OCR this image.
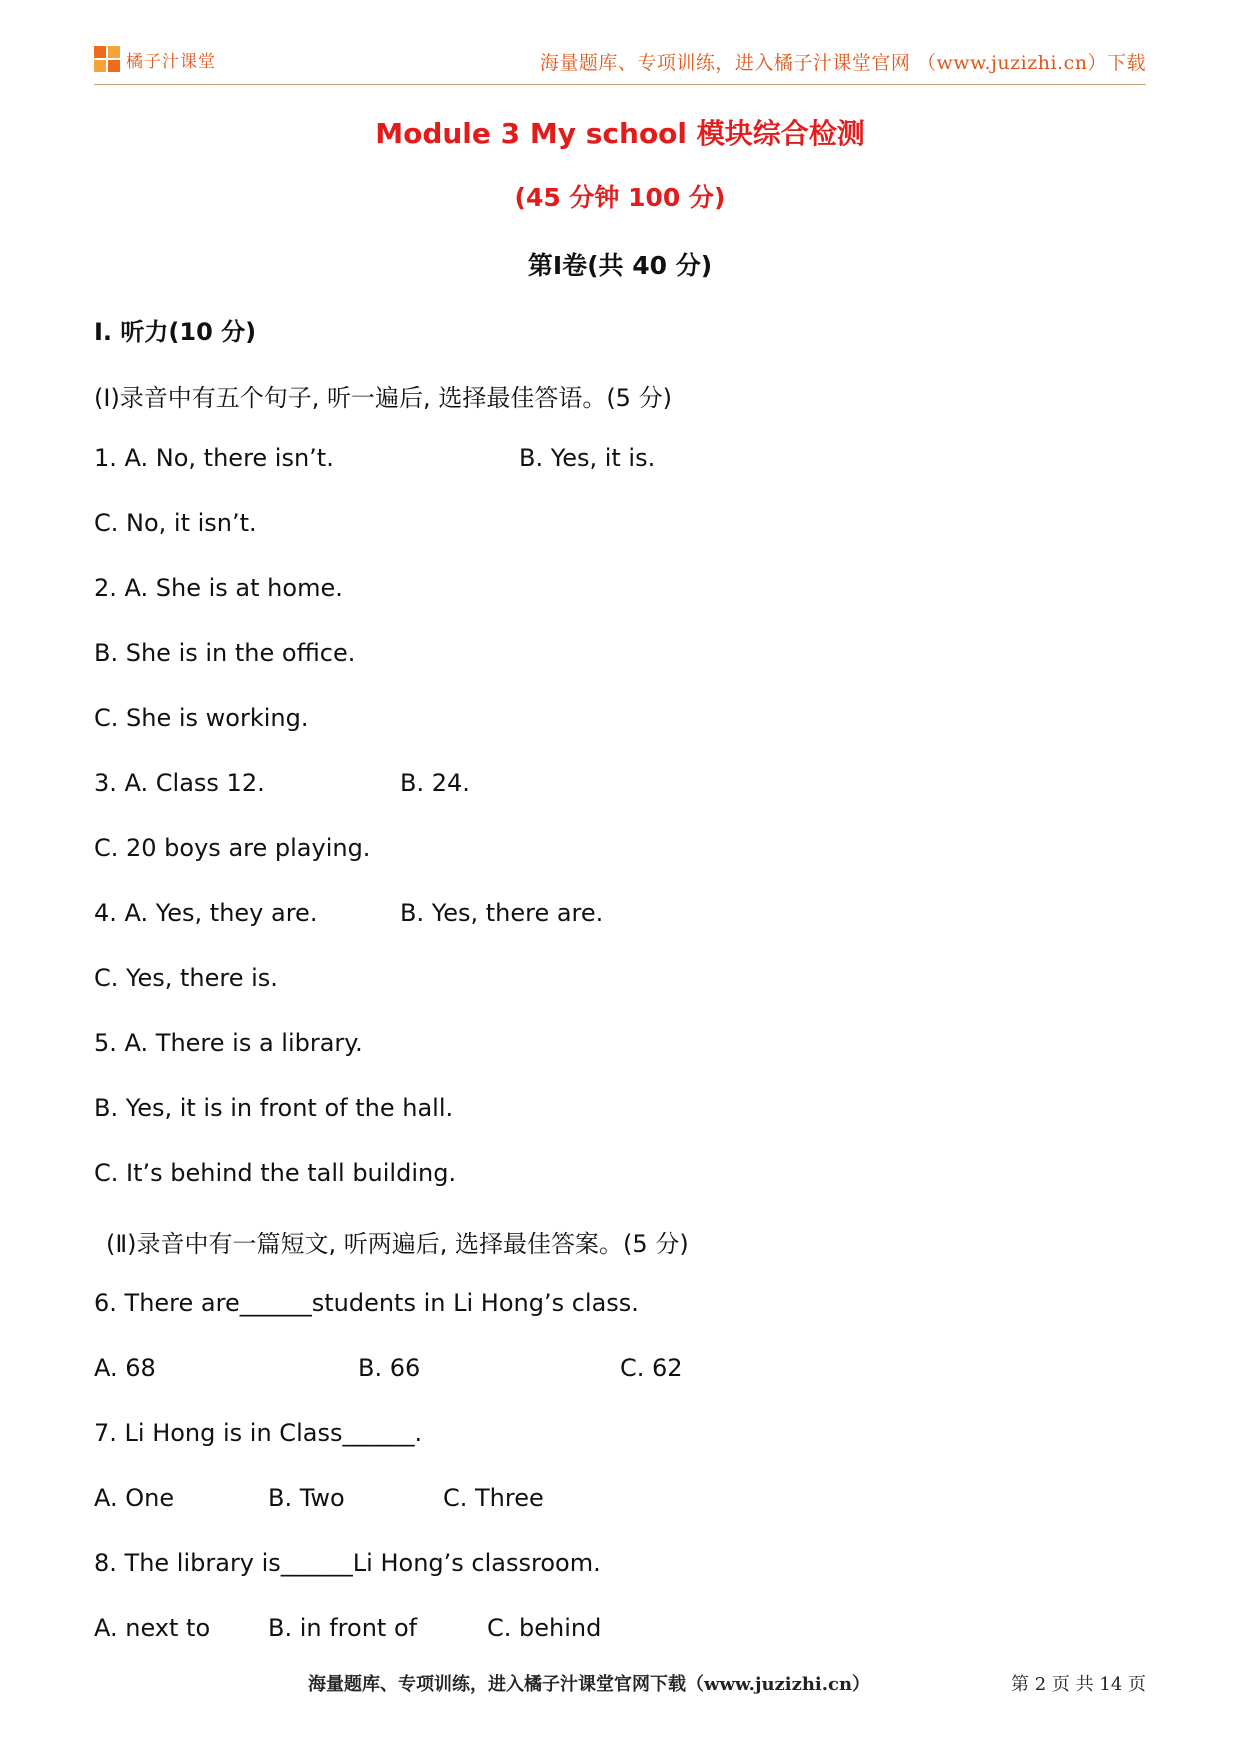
橘子汁课堂	海量题库、专项训练，进入橘子汁课堂官网 （www.juzizhi.cn）下载
Module 3 My school 模块综合检测
(45 分钟 100 分)
第Ⅰ卷(共 40 分)
Ⅰ. 听力(10 分)
(Ⅰ)录音中有五个句子, 听一遍后, 选择最佳答语。(5 分)
1. A. No, there isn’t.	B. Yes, it is.
C. No, it isn’t.
2. A. She is at home.
B. She is in the office.
C. She is working.
3. A. Class 12.	B. 24.
C. 20 boys are playing.
4. A. Yes, they are.	B. Yes, there are.
C. Yes, there is.
5. A. There is a library.
B. Yes, it is in front of the hall.
C. It’s behind the tall building.
(Ⅱ)录音中有一篇短文, 听两遍后, 选择最佳答案。(5 分)
6. There are______students in Li Hong’s class.
A. 68	B. 66	C. 62
7. Li Hong is in Class______.
A. One	B. Two	C. Three
8. The library is______Li Hong’s classroom.
A. next to B. in front of	C. behind
海量题库、专项训练，进入橘子汁课堂官网下载（www.juzizhi.cn）	第 2 页 共 14 页
